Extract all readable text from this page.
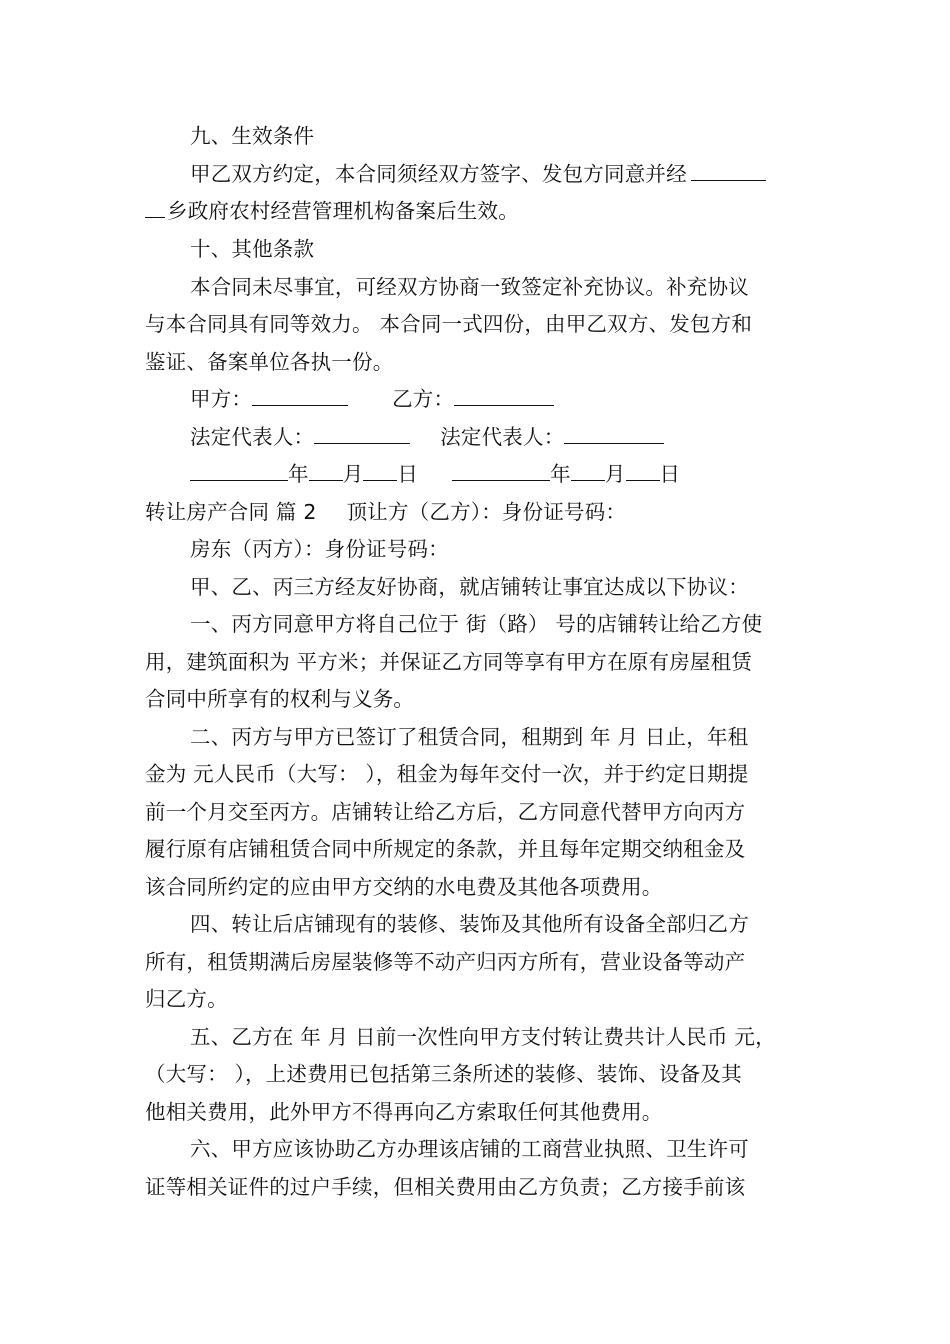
九、生效条件
甲乙双方约定，本合同须经双方签字、发包方同意并经
乡政府农村经营管理机构备案后生效。
十、其他条款
本合同未尽事宜，可经双方协商一致签定补充协议。补充协议
与本合同具有同等效力。 本合同一式四份，由甲乙双方、发包方和
鉴证、备案单位各执一份。
甲方：	乙方：
法定代表人：	法定代表人：
年 月 日	年 月 日
转让房产合同 篇 2 顶让方（乙方）：身份证号码：
房东（丙方）：身份证号码：
甲、乙、丙三方经友好协商，就店铺转让事宜达成以下协议：
一、丙方同意甲方将自己位于 街（路） 号的店铺转让给乙方使
用，建筑面积为 平方米；并保证乙方同等享有甲方在原有房屋租赁
合同中所享有的权利与义务。
二、丙方与甲方已签订了租赁合同，租期到 年 月 日止，年租
金为 元人民币（大写： ），租金为每年交付一次，并于约定日期提
前一个月交至丙方。店铺转让给乙方后，乙方同意代替甲方向丙方
履行原有店铺租赁合同中所规定的条款，并且每年定期交纳租金及
该合同所约定的应由甲方交纳的水电费及其他各项费用。
四、转让后店铺现有的装修、装饰及其他所有设备全部归乙方
所有，租赁期满后房屋装修等不动产归丙方所有，营业设备等动产
归乙方。
五、乙方在 年 月 日前一次性向甲方支付转让费共计人民币 元，
（大写： ），上述费用已包括第三条所述的装修、装饰、设备及其
他相关费用，此外甲方不得再向乙方索取任何其他费用。
六、甲方应该协助乙方办理该店铺的工商营业执照、卫生许可
证等相关证件的过户手续，但相关费用由乙方负责；乙方接手前该
